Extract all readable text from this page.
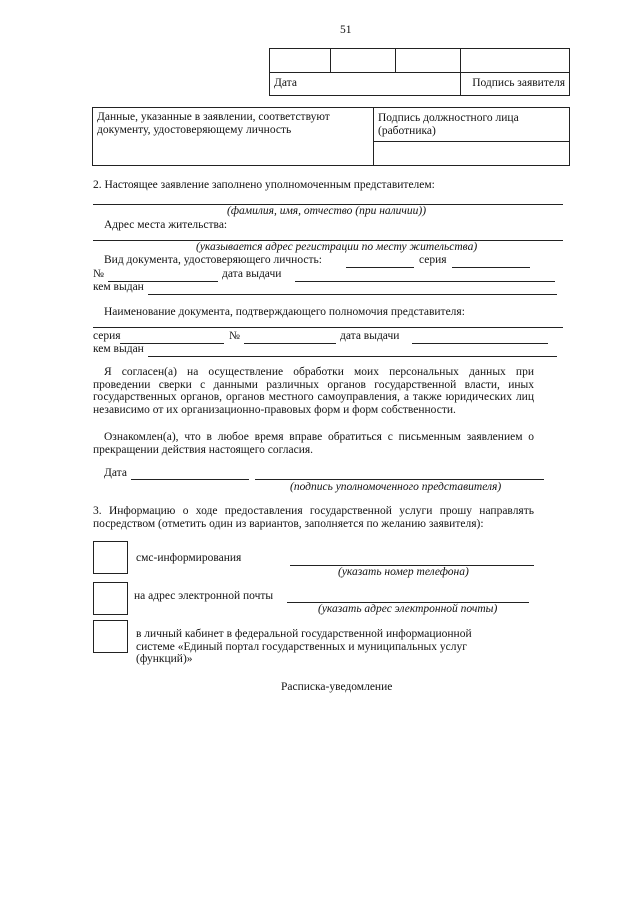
51

Дата			Подпись заявителя
Данные, указанные в заявлении, соответствуют документу, удостоверяющему личность	Подпись должностного лица (работника)

2. Настоящее заявление заполнено уполномоченным представителем:
(фамилия, имя, отчество (при наличии))
Адрес места жительства:
(указывается адрес регистрации по месту жительства)
Вид документа, удостоверяющего личность:	серия
№	дата выдачи
кем выдан
Наименование документа, подтверждающего полномочия представителя:
серия	№	дата выдачи
кем выдан
Я согласен(а) на осуществление обработки моих персональных данных при проведении сверки с данными различных органов государственной власти, иных государственных органов, органов местного самоуправления, а также юридических лиц независимо от их организационно-правовых форм и форм собственности.
Ознакомлен(а), что в любое время вправе обратиться с письменным заявлением о прекращении действия настоящего согласия.
Дата
(подпись уполномоченного представителя)
3. Информацию о ходе предоставления государственной услуги прошу направлять посредством (отметить один из вариантов, заполняется по желанию заявителя):
смс-информирования
(указать номер телефона)
на адрес электронной почты
(указать адрес электронной почты)
в личный кабинет в федеральной государственной информационной системе «Единый портал государственных и муниципальных услуг (функций)»
Расписка-уведомление
